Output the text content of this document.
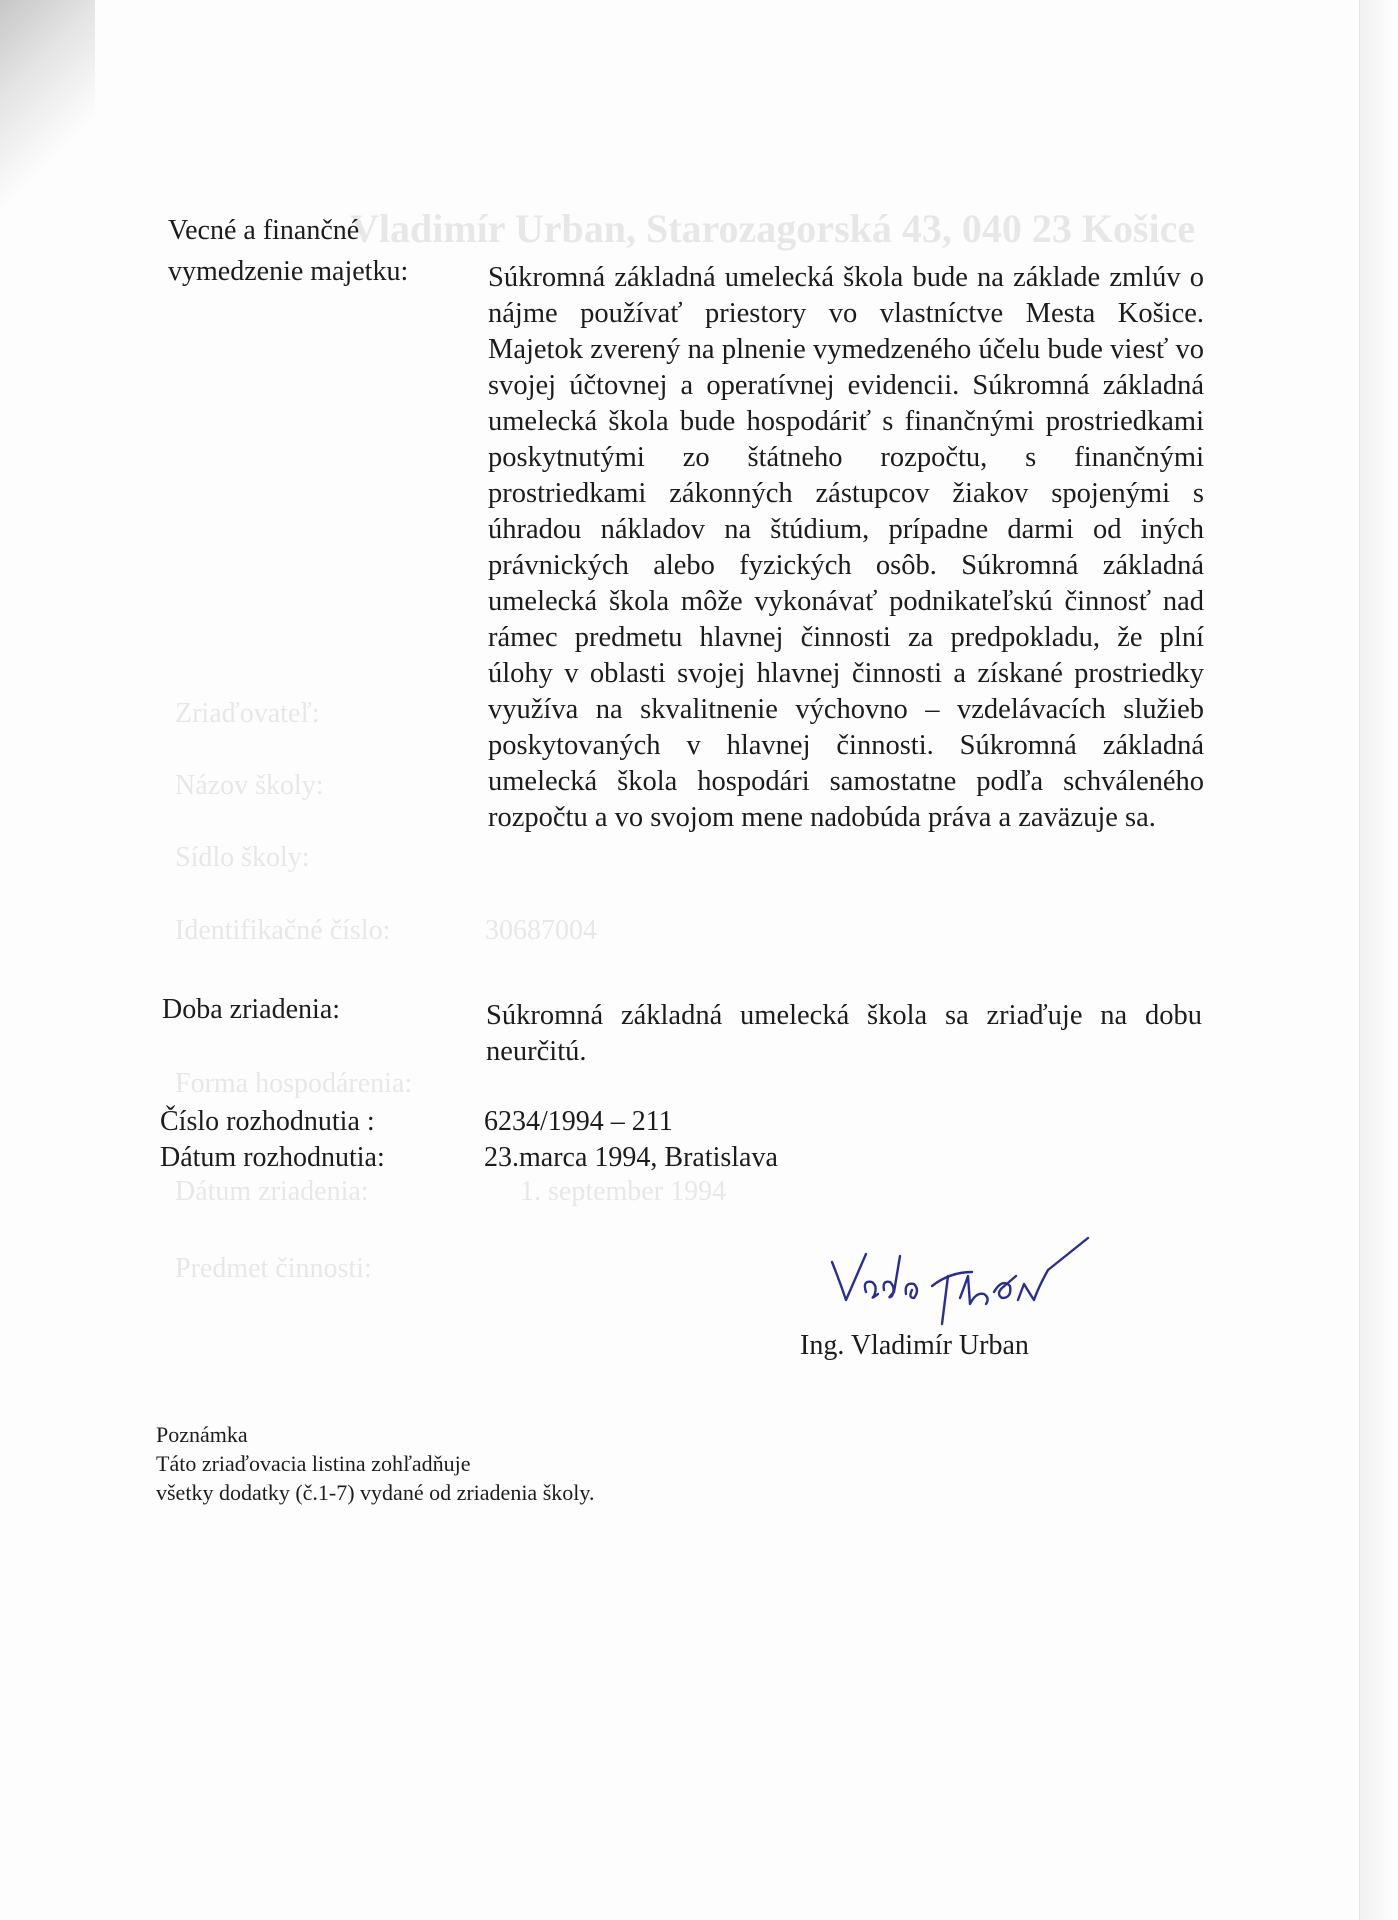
Vladimír Urban, Starozagorská 43, 040 23 Košice
Zriaďovateľ:
Názov školy:
Sídlo školy:
Identifikačné číslo:	30687004
Forma hospodárenia:
Dátum zriadenia:	1. september 1994
Predmet činnosti:
Vecné a finančné
vymedzenie majetku:	Súkromná základná umelecká škola bude na základe zmlúv o nájme používať priestory vo vlastníctve Mesta Košice. Majetok zverený na plnenie vymedzeného účelu bude viesť vo svojej účtovnej a operatívnej evidencii. Súkromná základná umelecká škola bude hospodáriť s finančnými prostriedkami poskytnutými zo štátneho rozpočtu, s finančnými prostriedkami zákonných zástupcov žiakov spojenými s úhradou nákladov na štúdium, prípadne darmi od iných právnických alebo fyzických osôb. Súkromná základná umelecká škola môže vykonávať podnikateľskú činnosť nad rámec predmetu hlavnej činnosti za predpokladu, že plní úlohy v oblasti svojej hlavnej činnosti a získané prostriedky využíva na skvalitnenie výchovno – vzdelávacích služieb poskytovaných v hlavnej činnosti. Súkromná základná umelecká škola hospodári samostatne podľa schváleného rozpočtu a vo svojom mene nadobúda práva a zaväzuje sa.
Doba zriadenia:	Súkromná základná umelecká škola sa zriaďuje na dobu neurčitú.
Číslo rozhodnutia :	6234/1994 – 211
Dátum rozhodnutia:	23.marca 1994, Bratislava
Ing. Vladimír Urban
Poznámka
Táto zriaďovacia listina zohľadňuje
všetky dodatky (č.1-7) vydané od zriadenia školy.
